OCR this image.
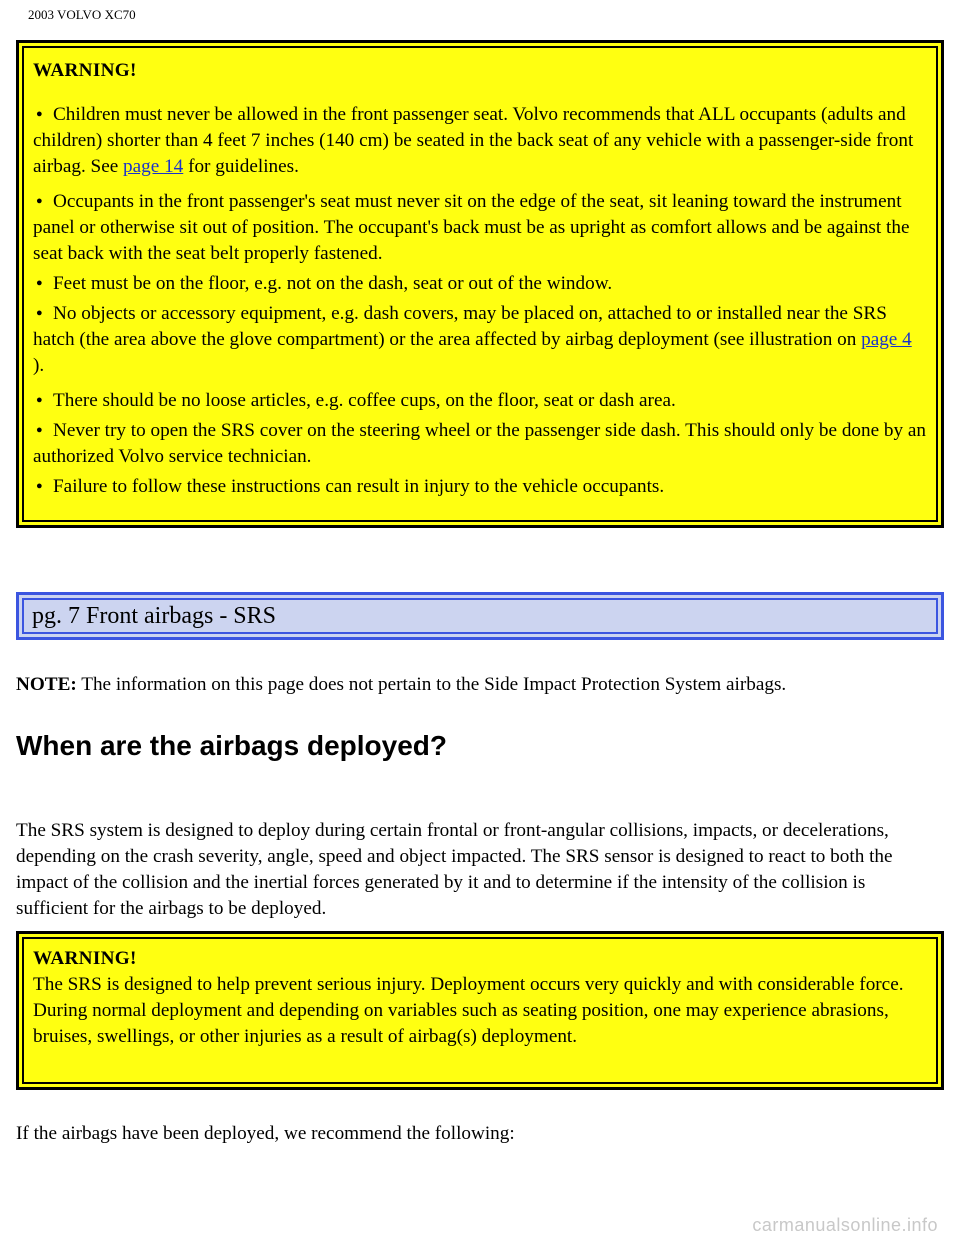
2003 VOLVO XC70
WARNING!
● Children must never be allowed in the front passenger seat. Volvo recommends that ALL occupants (adults and children) shorter than 4 feet 7 inches (140 cm) be seated in the back seat of any vehicle with a passenger-side front airbag. See page 14 for guidelines.
● Occupants in the front passenger's seat must never sit on the edge of the seat, sit leaning toward the instrument panel or otherwise sit out of position. The occupant's back must be as upright as comfort allows and be against the seat back with the seat belt properly fastened.
● Feet must be on the floor, e.g. not on the dash, seat or out of the window.
● No objects or accessory equipment, e.g. dash covers, may be placed on, attached to or installed near the SRS hatch (the area above the glove compartment) or the area affected by airbag deployment (see illustration on page 4 ).
● There should be no loose articles, e.g. coffee cups, on the floor, seat or dash area.
● Never try to open the SRS cover on the steering wheel or the passenger side dash. This should only be done by an authorized Volvo service technician.
● Failure to follow these instructions can result in injury to the vehicle occupants.
pg. 7 Front airbags - SRS
NOTE: The information on this page does not pertain to the Side Impact Protection System airbags.
When are the airbags deployed?

The SRS system is designed to deploy during certain frontal or front-angular collisions, impacts, or decelerations, depending on the crash severity, angle, speed and object impacted. The SRS sensor is designed to react to both the impact of the collision and the inertial forces generated by it and to determine if the intensity of the collision is sufficient for the airbags to be deployed.

WARNING!
The SRS is designed to help prevent serious injury. Deployment occurs very quickly and with considerable force. During normal deployment and depending on variables such as seating position, one may experience abrasions, bruises, swellings, or other injuries as a result of airbag(s) deployment.

If the airbags have been deployed, we recommend the following:

carmanualsonline.info
